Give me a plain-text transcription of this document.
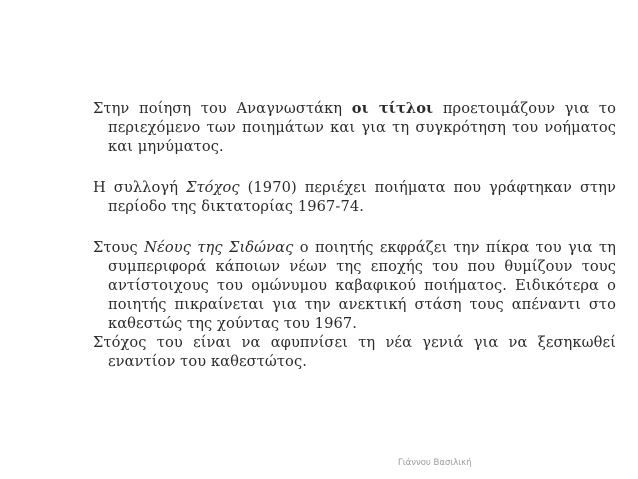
Στην ποίηση του Αναγνωστάκη οι τίτλοι προετοιμάζουν για το περιεχόμενο των ποιημάτων και για τη συγκρότηση του νοήματος και μηνύματος.

Η συλλογή Στόχος (1970) περιέχει ποιήματα που γράφτηκαν στην περίοδο της δικτατορίας 1967-74.

Στους Νέους της Σιδώνας ο ποιητής εκφράζει την πίκρα του για τη συμπεριφορά κάποιων νέων της εποχής του που θυμίζουν τους αντίστοιχους του ομώνυμου καβαφικού ποιήματος. Ειδικότερα ο ποιητής πικραίνεται για την ανεκτική στάση τους απέναντι στο καθεστώς της χούντας του 1967.

Στόχος του είναι να αφυπνίσει τη νέα γενιά για να ξεσηκωθεί εναντίον του καθεστώτος.

Γιάννου Βασιλική
